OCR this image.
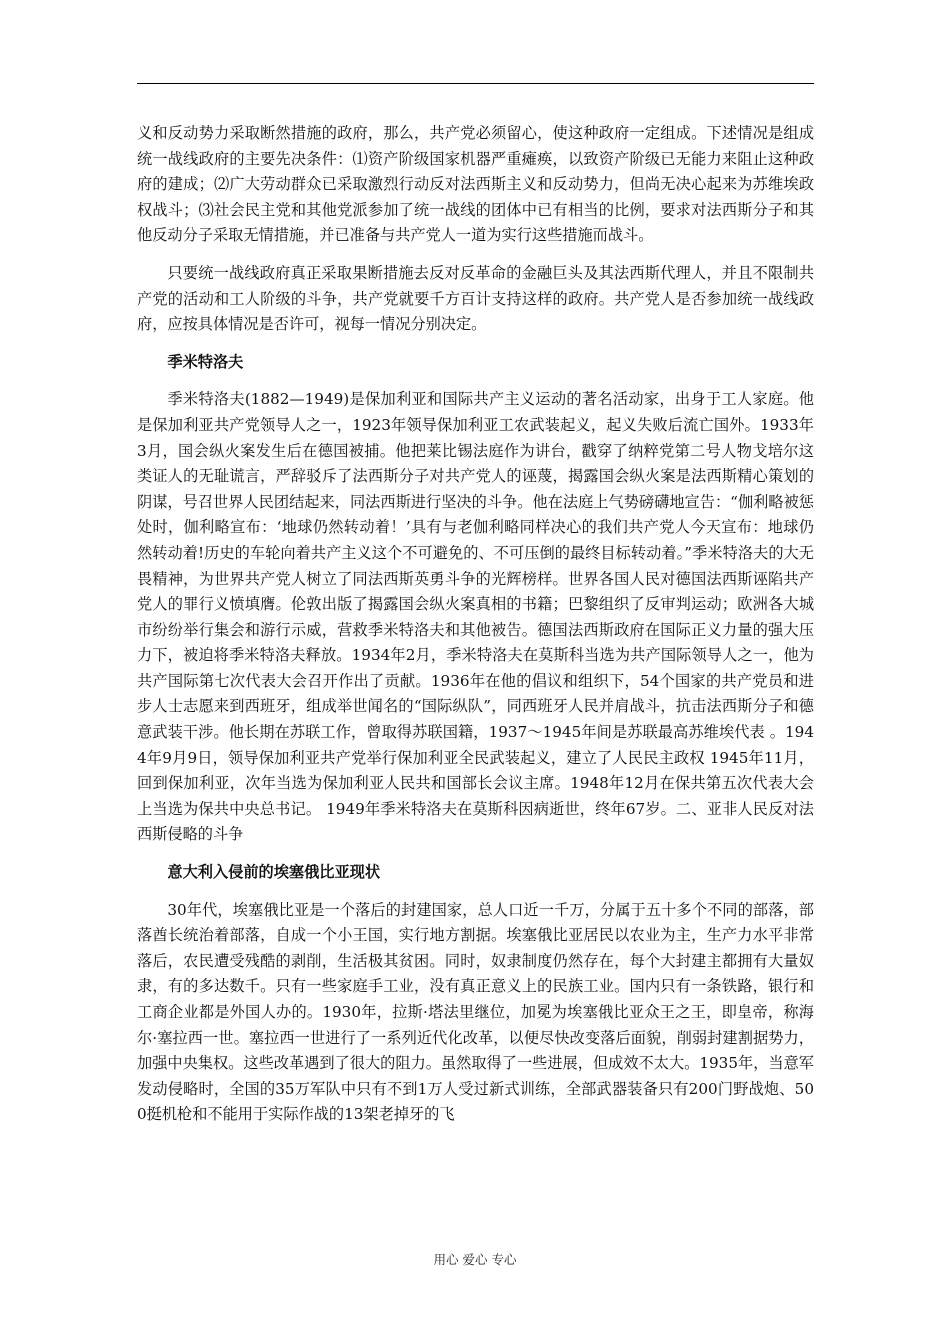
义和反动势力采取断然措施的政府，那么，共产党必须留心，使这种政府一定组成。下述情况是组成统一战线政府的主要先决条件：⑴资产阶级国家机器严重瘫痪，以致资产阶级已无能力来阻止这种政府的建成；⑵广大劳动群众已采取激烈行动反对法西斯主义和反动势力，但尚无决心起来为苏维埃政权战斗；⑶社会民主党和其他党派参加了统一战线的团体中已有相当的比例，要求对法西斯分子和其他反动分子采取无情措施，并已准备与共产党人一道为实行这些措施而战斗。

只要统一战线政府真正采取果断措施去反对反革命的金融巨头及其法西斯代理人，并且不限制共产党的活动和工人阶级的斗争，共产党就要千方百计支持这样的政府。共产党人是否参加统一战线政府，应按具体情况是否许可，视每一情况分别决定。

季米特洛夫

季米特洛夫(1882—1949)是保加利亚和国际共产主义运动的著名活动家，出身于工人家庭。他是保加利亚共产党领导人之一，1923年领导保加利亚工农武装起义，起义失败后流亡国外。1933年3月，国会纵火案发生后在德国被捕。他把莱比锡法庭作为讲台，戳穿了纳粹党第二号人物戈培尔这类证人的无耻谎言，严辞驳斥了法西斯分子对共产党人的诬蔑，揭露国会纵火案是法西斯精心策划的阴谋，号召世界人民团结起来，同法西斯进行坚决的斗争。他在法庭上气势磅礴地宣告：“伽利略被惩处时，伽利略宣布：‘地球仍然转动着！’具有与老伽利略同样决心的我们共产党人今天宣布：地球仍然转动着!历史的车轮向着共产主义这个不可避免的、不可压倒的最终目标转动着。”季米特洛夫的大无畏精神，为世界共产党人树立了同法西斯英勇斗争的光辉榜样。世界各国人民对德国法西斯诬陷共产党人的罪行义愤填膺。伦敦出版了揭露国会纵火案真相的书籍；巴黎组织了反审判运动；欧洲各大城市纷纷举行集会和游行示威，营救季米特洛夫和其他被告。德国法西斯政府在国际正义力量的强大压力下，被迫将季米特洛夫释放。1934年2月，季米特洛夫在莫斯科当选为共产国际领导人之一，他为共产国际第七次代表大会召开作出了贡献。1936年在他的倡议和组织下，54个国家的共产党员和进步人士志愿来到西班牙，组成举世闻名的“国际纵队”，同西班牙人民并肩战斗，抗击法西斯分子和德意武装干涉。他长期在苏联工作，曾取得苏联国籍，1937～1945年间是苏联最高苏维埃代表 。1944年9月9日，领导保加利亚共产党举行保加利亚全民武装起义，建立了人民民主政权 1945年11月，回到保加利亚，次年当选为保加利亚人民共和国部长会议主席。1948年12月在保共第五次代表大会上当选为保共中央总书记。 1949年季米特洛夫在莫斯科因病逝世，终年67岁。二、亚非人民反对法西斯侵略的斗争

意大利入侵前的埃塞俄比亚现状

30年代，埃塞俄比亚是一个落后的封建国家，总人口近一千万，分属于五十多个不同的部落，部落酋长统治着部落，自成一个小王国，实行地方割据。埃塞俄比亚居民以农业为主，生产力水平非常落后，农民遭受残酷的剥削，生活极其贫困。同时，奴隶制度仍然存在，每个大封建主都拥有大量奴隶，有的多达数千。只有一些家庭手工业，没有真正意义上的民族工业。国内只有一条铁路，银行和工商企业都是外国人办的。1930年，拉斯·塔法里继位，加冕为埃塞俄比亚众王之王，即皇帝，称海尔·塞拉西一世。塞拉西一世进行了一系列近代化改革，以便尽快改变落后面貌，削弱封建割据势力，加强中央集权。这些改革遇到了很大的阻力。虽然取得了一些进展，但成效不太大。1935年，当意军发动侵略时，全国的35万军队中只有不到1万人受过新式训练，全部武器装备只有200门野战炮、500挺机枪和不能用于实际作战的13架老掉牙的飞

用心 爱心 专心
